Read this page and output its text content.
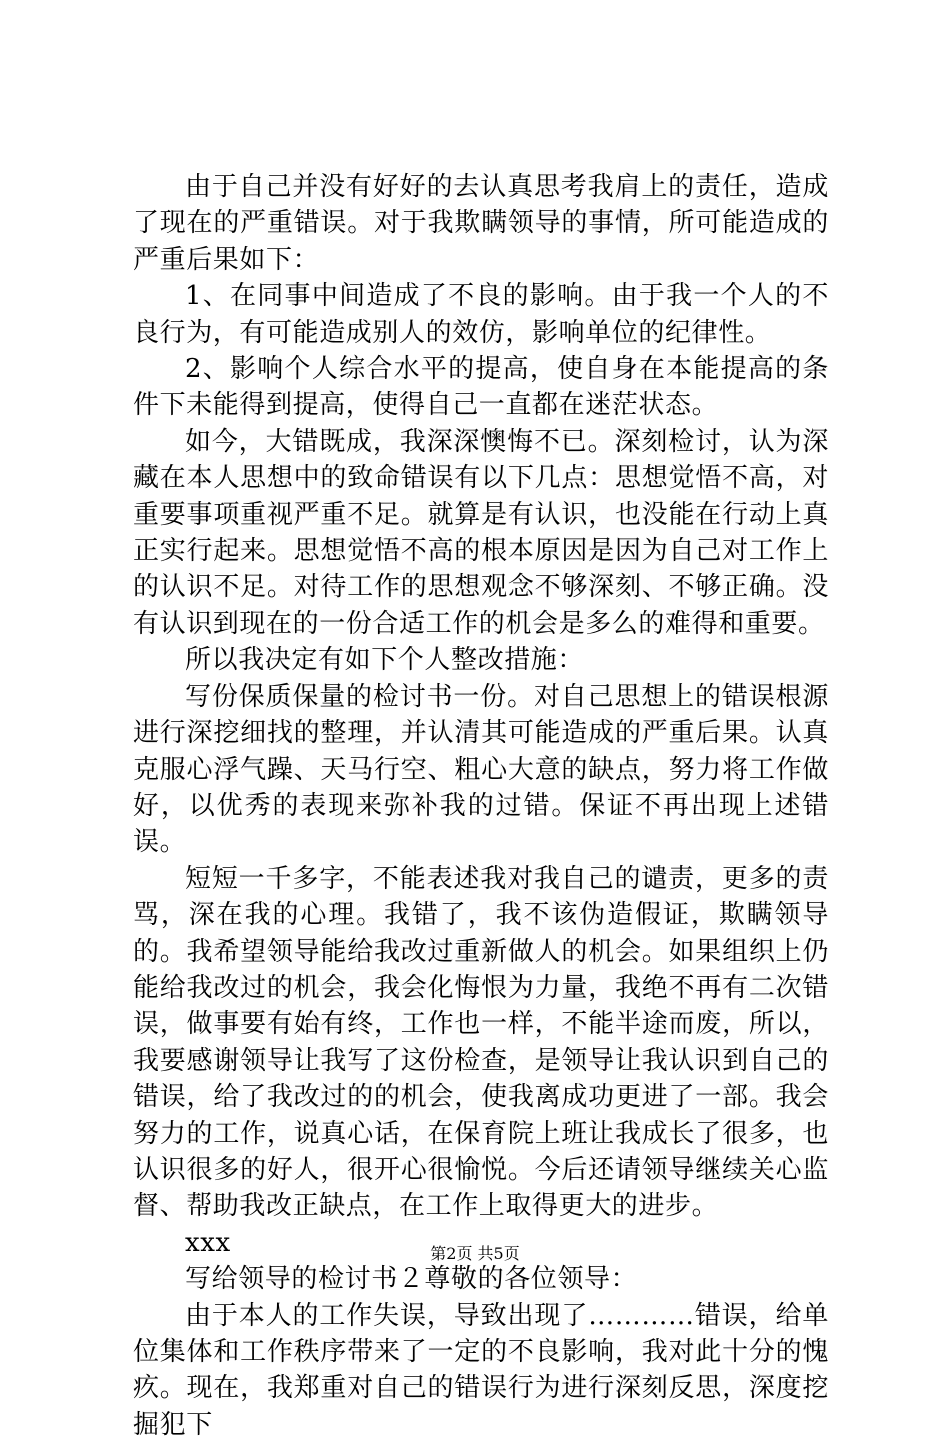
由于自己并没有好好的去认真思考我肩上的责任，造成了现在的严重错误。对于我欺瞒领导的事情，所可能造成的严重后果如下：

1、在同事中间造成了不良的影响。由于我一个人的不良行为，有可能造成别人的效仿，影响单位的纪律性。

2、影响个人综合水平的提高，使自身在本能提高的条件下未能得到提高，使得自己一直都在迷茫状态。

如今，大错既成，我深深懊悔不已。深刻检讨，认为深藏在本人思想中的致命错误有以下几点：思想觉悟不高，对重要事项重视严重不足。就算是有认识，也没能在行动上真正实行起来。思想觉悟不高的根本原因是因为自己对工作上的认识不足。对待工作的思想观念不够深刻、不够正确。没有认识到现在的一份合适工作的机会是多么的难得和重要。

所以我决定有如下个人整改措施：

写份保质保量的检讨书一份。对自己思想上的错误根源进行深挖细找的整理，并认清其可能造成的严重后果。认真克服心浮气躁、天马行空、粗心大意的缺点，努力将工作做好，以优秀的表现来弥补我的过错。保证不再出现上述错误。

短短一千多字，不能表述我对我自己的谴责，更多的责骂，深在我的心理。我错了，我不该伪造假证，欺瞒领导的。我希望领导能给我改过重新做人的机会。如果组织上仍能给我改过的机会，我会化悔恨为力量，我绝不再有二次错误，做事要有始有终，工作也一样，不能半途而废，所以，我要感谢领导让我写了这份检查，是领导让我认识到自己的错误，给了我改过的的机会，使我离成功更进了一部。我会努力的工作，说真心话，在保育院上班让我成长了很多，也认识很多的好人，很开心很愉悦。今后还请领导继续关心监督、帮助我改正缺点，在工作上取得更大的进步。

xxx

写给领导的检讨书２尊敬的各位领导：

由于本人的工作失误，导致出现了…………错误，给单位集体和工作秩序带来了一定的不良影响，我对此十分的愧疚。现在，我郑重对自己的错误行为进行深刻反思，深度挖掘犯下

第2页 共5页
